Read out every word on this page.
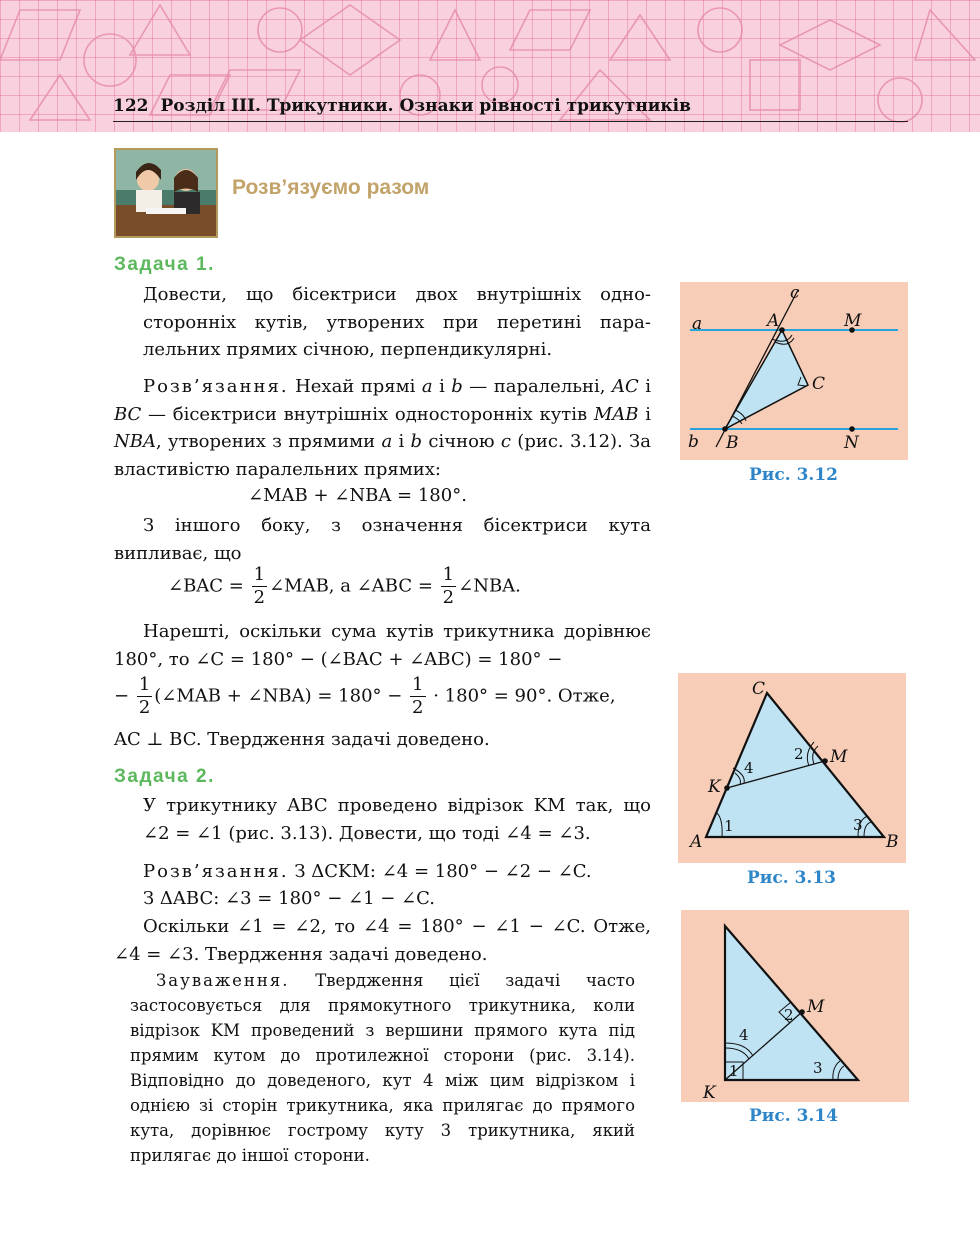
122 Розділ ІІІ. Трикутники. Ознаки рівності трикутників
Розв’язуємо разом
Задача 1.
Довести, що бісектриси двох внутрішніх односторонніх кутів, утворених при перетині паралельних прямих січною, перпендикулярні.
Розв’язання. Нехай прямі a і b — паралельні, AC і BC — бісектриси внутрішніх односторонніх кутів MAB і NBA, утворених з прямими a і b січною c (рис. 3.12). За властивістю паралельних прямих:
∠MAB + ∠NBA = 180°.
З іншого боку, з означення бісектриси кута випливає, що
∠BAC = $\frac{1}{2}$ ∠MAB, а ∠ABC = $\frac{1}{2}$ ∠NBA.
Нарешті, оскільки сума кутів трикутника дорівнює 180°, то ∠C = 180° − (∠BAC + ∠ABC) = 180° −
− $\frac{1}{2}$ (∠MAB + ∠NBA) = $180^\circ - \frac{1}{2} \cdot 180^\circ = 90^\circ$. Отже,
AC ⊥ BC. Твердження задачі доведено.
Задача 2.
У трикутнику ABC проведено відрізок KM так, що ∠2 = ∠1 (рис. 3.13). Довести, що тоді ∠4 = ∠3.
Розв’язання. З ΔCKM: ∠4 = 180° − ∠2 − ∠C.
З ΔABC: ∠3 = 180° − ∠1 − ∠C.
Оскільки ∠1 = ∠2, то ∠4 = 180° − ∠1 − ∠C. Отже, ∠4 = ∠3. Твердження задачі доведено.
Зауваження. Твердження цієї задачі часто застосовується для прямокутного трикутника, коли відрізок KM проведений з вершини прямого кута під прямим кутом до протилежної сторони (рис. 3.14). Відповідно до доведеного, кут 4 між цим відрізком і однією зі сторін трикутника, яка прилягає до прямого кута, дорівнює гострому куту 3 трикутника, який прилягає до іншої сторони.
c
a	A	M
C
b B	N
Рис. 3.12
C
M
K
A	B
1
2
3
4
Рис. 3.13
M
K
1
2
3
4
Рис. 3.14
